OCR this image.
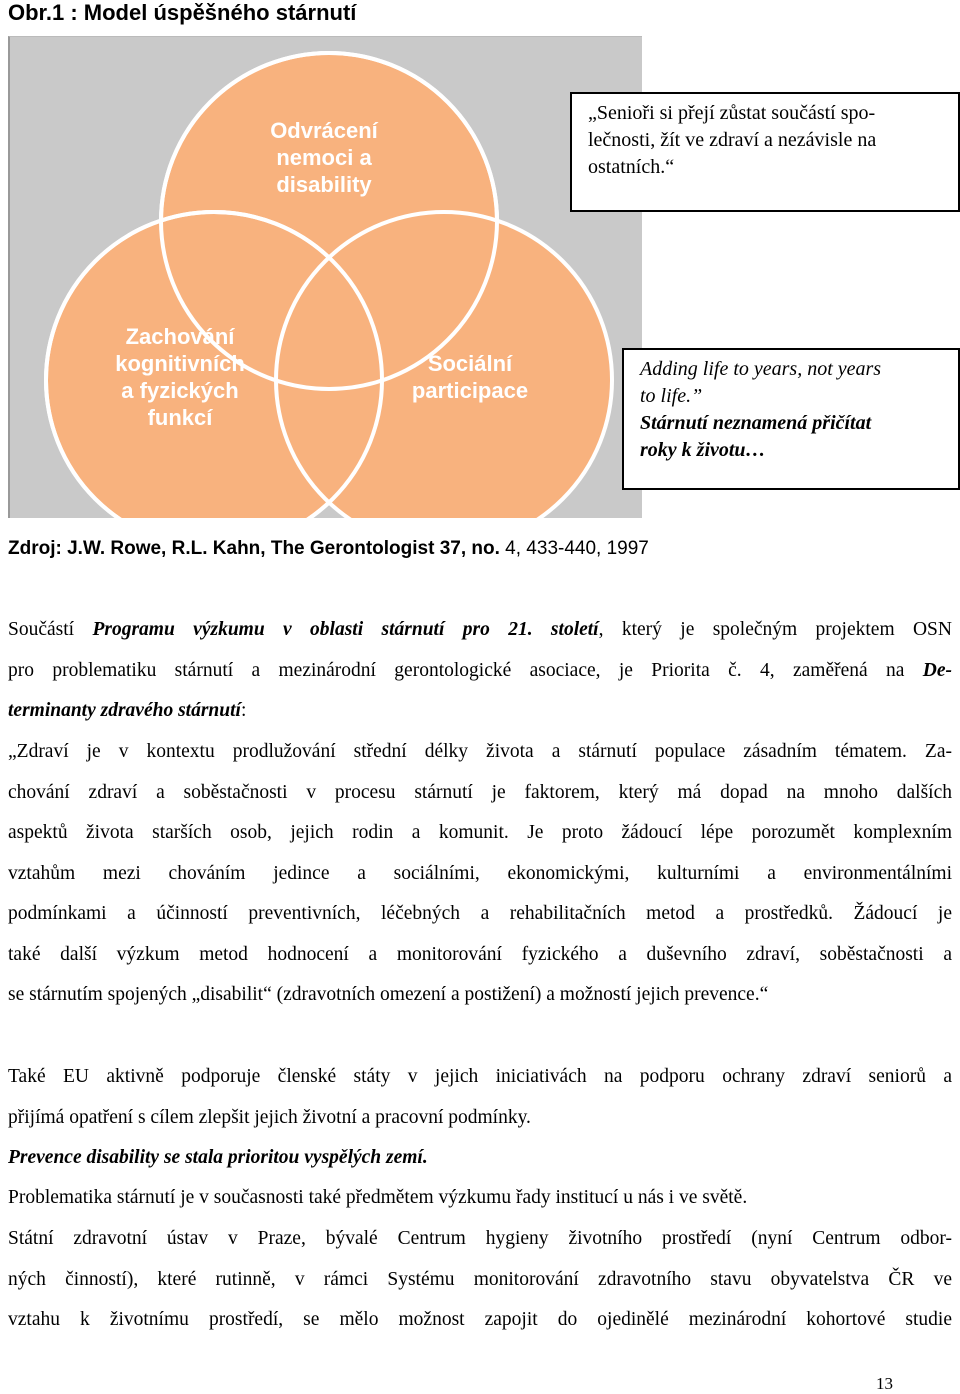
Obr.1 : Model úspěšného stárnutí
Odvrácení
nemoci a
disability
Zachování
kognitivních
a fyzických
funkcí
Sociální
participace
„Senioři si přejí zůstat součástí spo-
lečnosti, žít ve zdraví a nezávisle na
ostatních.“
Adding life to years, not years
to life.”
Stárnutí neznamená přičítat
roky k životu…
Zdroj: J.W. Rowe, R.L. Kahn, The Gerontologist 37, no. 4, 433-440, 1997
Součástí Programu výzkumu v oblasti stárnutí pro 21. století, který je společným projektem OSN
pro problematiku stárnutí a mezinárodní gerontologické asociace, je Priorita č. 4, zaměřená na De-
terminanty zdravého stárnutí:
„Zdraví je v kontextu prodlužování střední délky života a stárnutí populace zásadním tématem. Za-
chování zdraví a soběstačnosti v procesu stárnutí je faktorem, který má dopad na mnoho dalších
aspektů života starších osob, jejich rodin a komunit. Je proto žádoucí lépe porozumět komplexním
vztahům mezi chováním jedince a sociálními, ekonomickými, kulturními a environmentálními
podmínkami a účinností preventivních, léčebných a rehabilitačních metod a prostředků. Žádoucí je
také další výzkum metod hodnocení a monitorování fyzického a duševního zdraví, soběstačnosti a
se stárnutím spojených „disabilit“ (zdravotních omezení a postižení) a možností jejich prevence.“
Také EU aktivně podporuje členské státy v jejich iniciativách na podporu ochrany zdraví seniorů a
přijímá opatření s cílem zlepšit jejich životní a pracovní podmínky.
Prevence disability se stala prioritou vyspělých zemí.
Problematika stárnutí je v současnosti také předmětem výzkumu řady institucí u nás i ve světě.
Státní zdravotní ústav v Praze, bývalé Centrum hygieny životního prostředí (nyní Centrum odbor-
ných činností), které rutinně, v rámci Systému monitorování zdravotního stavu obyvatelstva ČR ve
vztahu k životnímu prostředí, se mělo možnost zapojit do ojedinělé mezinárodní kohortové studie
13
